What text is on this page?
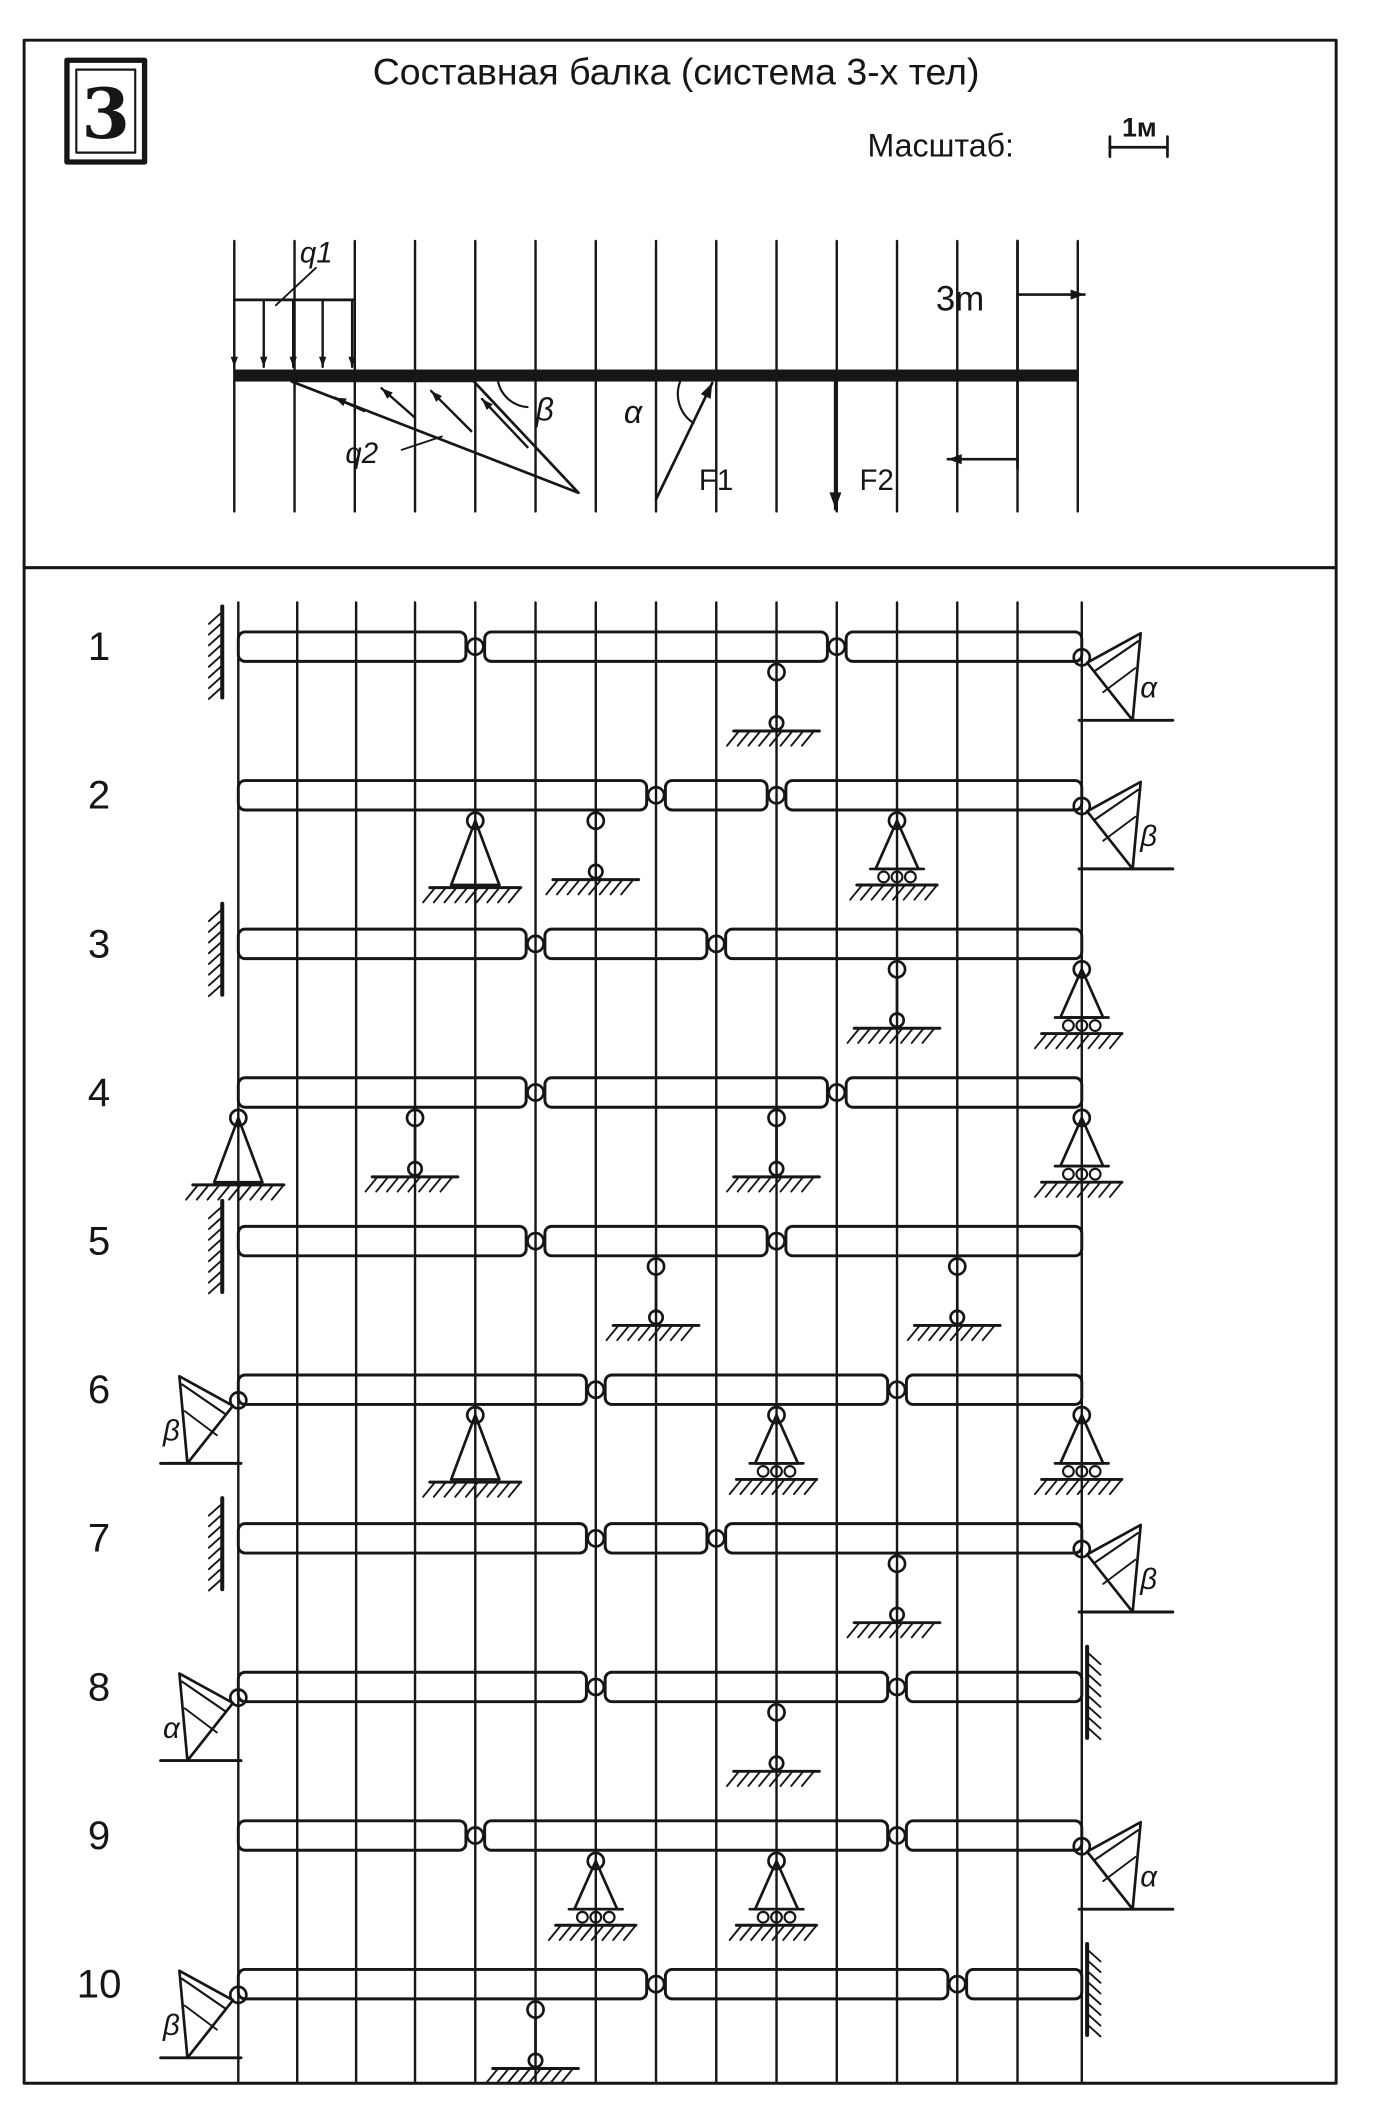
3
Составная балка (система 3-х тел)
Масштаб:
1м
q1
q2
β	α
F1	F2
3m
1
α
2
β
3
4
5
6
β
7
β
8
α
9
α
10
β
